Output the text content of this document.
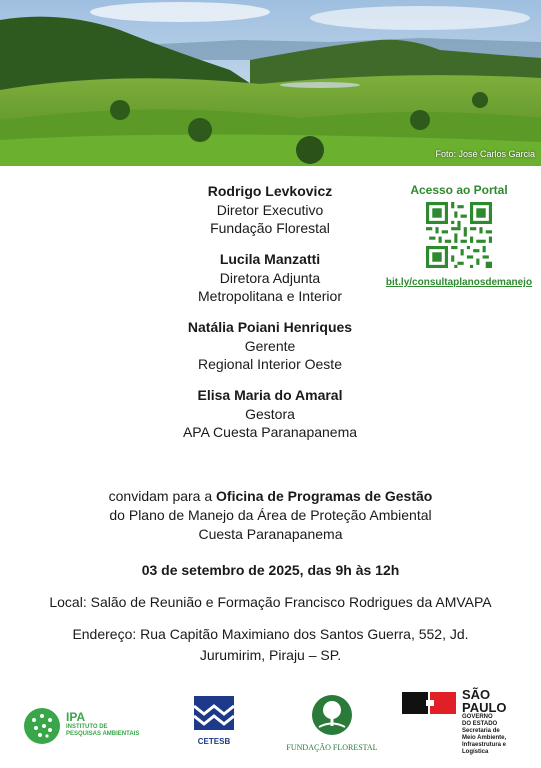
Foto: José Carlos Garcia
Rodrigo Levkovicz
Diretor Executivo
Fundação Florestal
Lucila Manzatti
Diretora Adjunta
Metropolitana e Interior
Natália Poiani Henriques
Gerente
Regional Interior Oeste
Elisa Maria do Amaral
Gestora
APA Cuesta Paranapanema
Acesso ao Portal
bit.ly/consultaplanosdemanejo
convidam para a Oficina de Programas de Gestão
do Plano de Manejo da Área de Proteção Ambiental
Cuesta Paranapanema
03 de setembro de 2025, das 9h às 12h
Local: Salão de Reunião e Formação Francisco Rodrigues da AMVAPA
Endereço: Rua Capitão Maximiano dos Santos Guerra, 552, Jd.
Jurumirim, Piraju – SP.
IPA
INSTITUTO DE
PESQUISAS AMBIENTAIS
CETESB
FUNDAÇÃO FLORESTAL
SÃO
PAULO
GOVERNO
DO ESTADO
Secretaria de
Meio Ambiente,
Infraestrutura e
Logística
